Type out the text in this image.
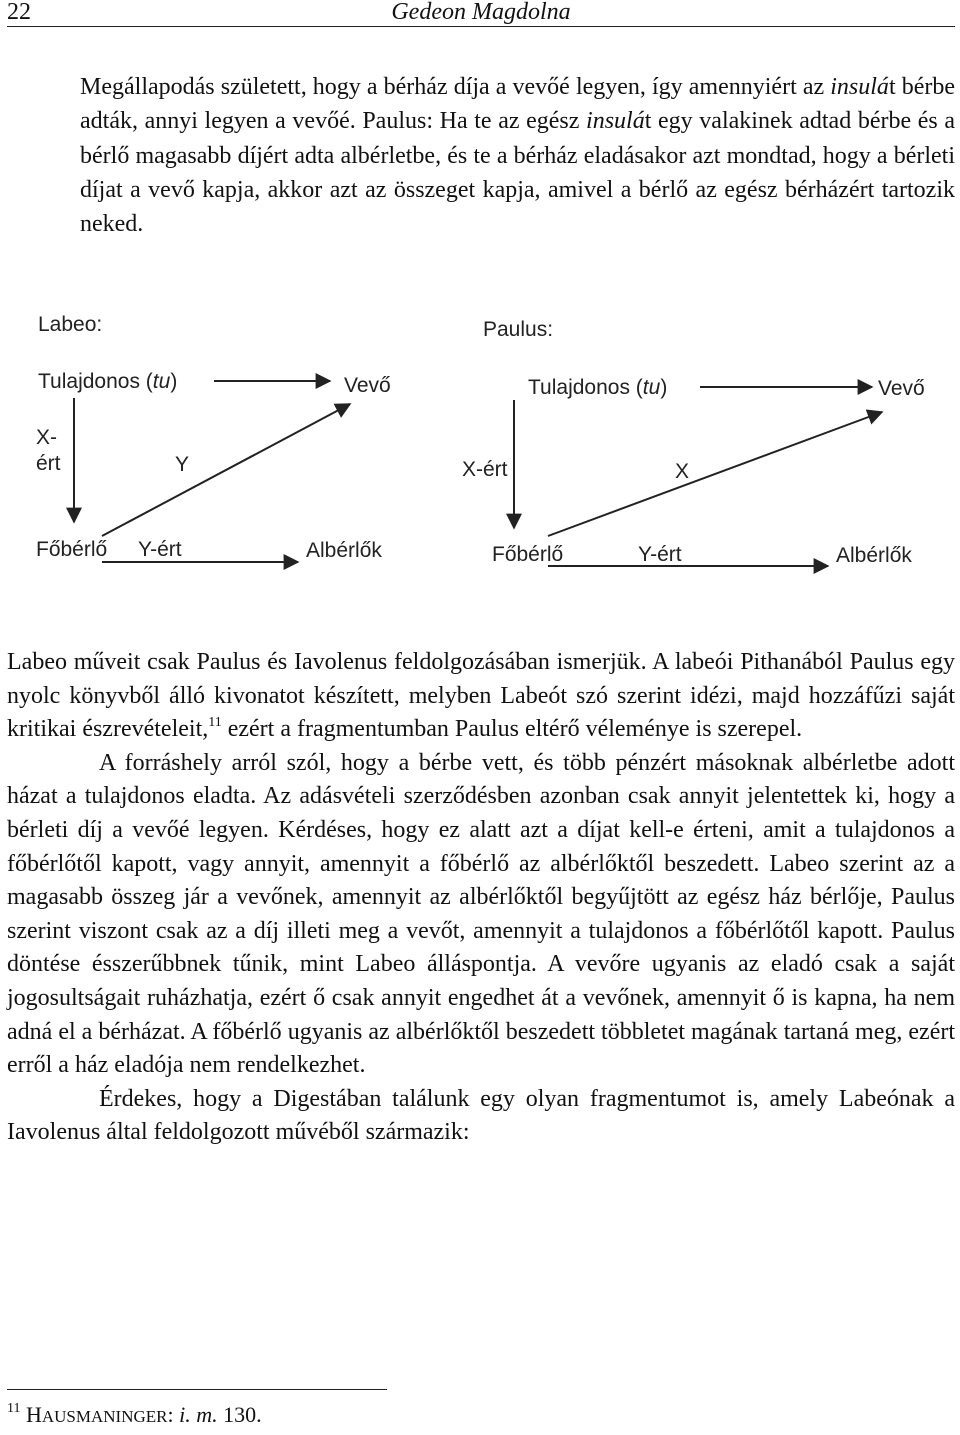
22	Gedeon Magdolna
Megállapodás született, hogy a bérház díja a vevőé legyen, így amennyiért az insulát bérbe adták, annyi legyen a vevőé. Paulus: Ha te az egész insulát egy valakinek adtad bérbe és a bérlő magasabb díjért adta albérletbe, és te a bérház eladásakor azt mondtad, hogy a bérleti díjat a vevő kapja, akkor azt az összeget kapja, amivel a bérlő az egész bérházért tartozik neked.
Labeo:
Tulajdonos (tu)	Vevő
X-
ért	Y
Főbérlő Y-ért	Albérlők
Paulus:
Tulajdonos (tu)	Vevő
X-ért	X
Főbérlő	Y-ért	Albérlők

Labeo műveit csak Paulus és Iavolenus feldolgozásában ismerjük. A labeói Pithanából Paulus egy nyolc könyvből álló kivonatot készített, melyben Labeót szó szerint idézi, majd hozzáfűzi saját kritikai észrevételeit,$^{11}$ ezért a fragmentumban Paulus eltérő véleménye is szerepel.

A forráshely arról szól, hogy a bérbe vett, és több pénzért másoknak albérletbe adott házat a tulajdonos eladta. Az adásvételi szerződésben azonban csak annyit jelentettek ki, hogy a bérleti díj a vevőé legyen. Kérdéses, hogy ez alatt azt a díjat kell-e érteni, amit a tulajdonos a főbérlőtől kapott, vagy annyit, amennyit a főbérlő az albérlőktől beszedett. Labeo szerint az a magasabb összeg jár a vevőnek, amennyit az albérlőktől begyűjtött az egész ház bérlője, Paulus szerint viszont csak az a díj illeti meg a vevőt, amennyit a tulajdonos a főbérlőtől kapott. Paulus döntése ésszerűbbnek tűnik, mint Labeo álláspontja. A vevőre ugyanis az eladó csak a saját jogosultságait ruházhatja, ezért ő csak annyit engedhet át a vevőnek, amennyit ő is kapna, ha nem adná el a bérházat. A főbérlő ugyanis az albérlőktől beszedett többletet magának tartaná meg, ezért erről a ház eladója nem rendelkezhet.

Érdekes, hogy a Digestában találunk egy olyan fragmentumot is, amely Labeónak a Iavolenus által feldolgozott művéből származik:

$^{11}$ HAUSMANINGER: i. m. 130.
